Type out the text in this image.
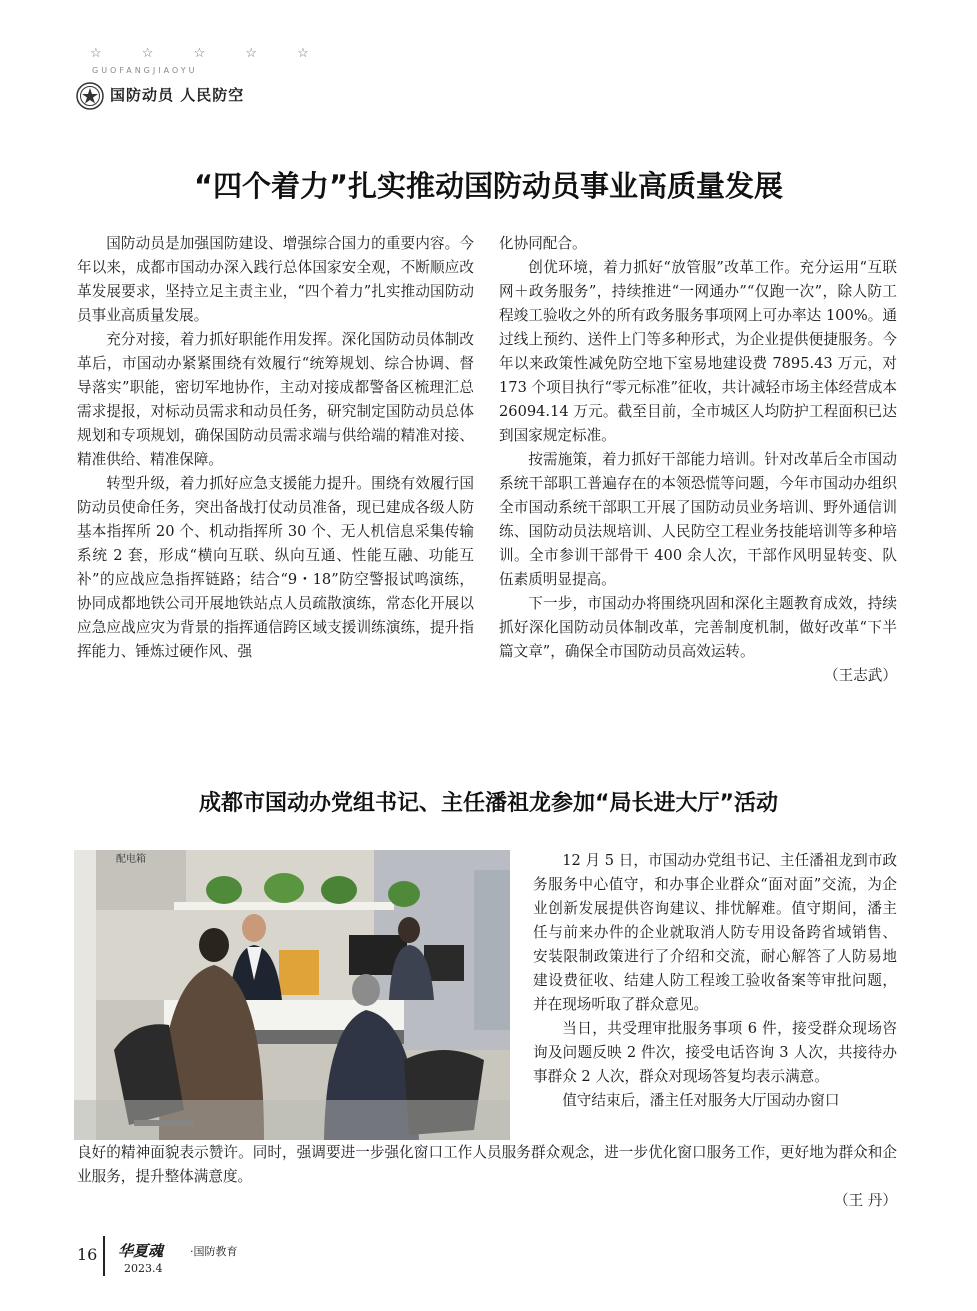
☆ ☆ ☆ ☆ ☆
GUOFANGJIAOYU
国防动员 人民防空
“四个着力”扎实推动国防动员事业高质量发展

国防动员是加强国防建设、增强综合国力的重要内容。今年以来，成都市国动办深入践行总体国家安全观，不断顺应改革发展要求，坚持立足主责主业，“四个着力”扎实推动国防动员事业高质量发展。

充分对接，着力抓好职能作用发挥。深化国防动员体制改革后，市国动办紧紧围绕有效履行“统筹规划、综合协调、督导落实”职能，密切军地协作，主动对接成都警备区梳理汇总需求提报，对标动员需求和动员任务，研究制定国防动员总体规划和专项规划，确保国防动员需求端与供给端的精准对接、精准供给、精准保障。

转型升级，着力抓好应急支援能力提升。围绕有效履行国防动员使命任务，突出备战打仗动员准备，现已建成各级人防基本指挥所 20 个、机动指挥所 30 个、无人机信息采集传输系统 2 套，形成“横向互联、纵向互通、性能互融、功能互补”的应战应急指挥链路；结合“9・18”防空警报试鸣演练，协同成都地铁公司开展地铁站点人员疏散演练，常态化开展以应急应战应灾为背景的指挥通信跨区域支援训练演练，提升指挥能力、锤炼过硬作风、强

化协同配合。

创优环境，着力抓好“放管服”改革工作。充分运用“互联网＋政务服务”，持续推进“一网通办”“仅跑一次”，除人防工程竣工验收之外的所有政务服务事项网上可办率达 100%。通过线上预约、送件上门等多种形式，为企业提供便捷服务。今年以来政策性减免防空地下室易地建设费 7895.43 万元，对 173 个项目执行“零元标准”征收，共计减轻市场主体经营成本 26094.14 万元。截至目前，全市城区人均防护工程面积已达到国家规定标准。

按需施策，着力抓好干部能力培训。针对改革后全市国动系统干部职工普遍存在的本领恐慌等问题，今年市国动办组织全市国动系统干部职工开展了国防动员业务培训、野外通信训练、国防动员法规培训、人民防空工程业务技能培训等多种培训。全市参训干部骨干 400 余人次，干部作风明显转变、队伍素质明显提高。

下一步，市国动办将围绕巩固和深化主题教育成效，持续抓好深化国防动员体制改革，完善制度机制，做好改革“下半篇文章”，确保全市国防动员高效运转。
（王志武）

成都市国动办党组书记、主任潘祖龙参加“局长进大厅”活动
配电箱	12 月 5 日，市国动办党组书记、主任潘祖龙到市政务服务中心值守，和办事企业群众“面对面”交流，为企业创新发展提供咨询建议、排忧解难。值守期间，潘主任与前来办件的企业就取消人防专用设备跨省域销售、安装限制政策进行了介绍和交流，耐心解答了人防易地建设费征收、结建人防工程竣工验收备案等审批问题，并在现场听取了群众意见。

当日，共受理审批服务事项 6 件，接受群众现场咨询及问题反映 2 件次，接受电话咨询 3 人次，共接待办事群众 2 人次，群众对现场答复均表示满意。

值守结束后，潘主任对服务大厅国动办窗口

良好的精神面貌表示赞许。同时，强调要进一步强化窗口工作人员服务群众观念，进一步优化窗口服务工作，更好地为群众和企业服务，提升整体满意度。
（王 丹）

16 华夏魂 ·国防教育
2023.4
